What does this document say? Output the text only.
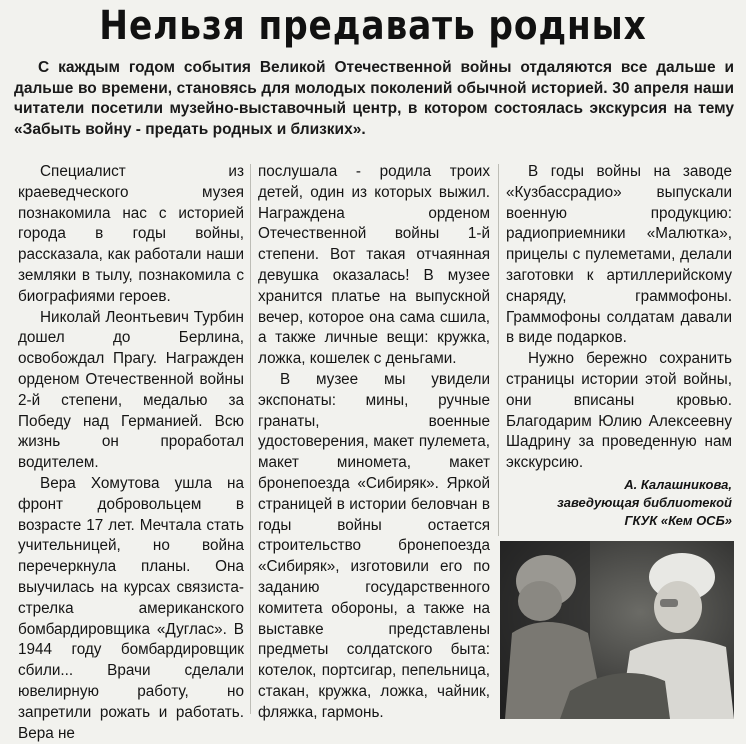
Нельзя предавать родных
С каждым годом события Великой Отечественной войны отдаляются все дальше и дальше во времени, становясь для молодых поколений обычной историей. 30 апреля наши читатели посетили музейно-выставочный центр, в котором состоялась экскурсия на тему «Забыть войну - предать родных и близких».

Специалист из краеведческого музея познакомила нас с историей города в годы войны, рассказала, как работали наши земляки в тылу, познакомила с биографиями героев.

Николай Леонтьевич Турбин дошел до Берлина, освобождал Прагу. Награжден орденом Отечественной войны 2-й степени, медалью за Победу над Германией. Всю жизнь он проработал водителем.

Вера Хомутова ушла на фронт добровольцем в возрасте 17 лет. Мечтала стать учительницей, но война перечеркнула планы. Она выучилась на курсах связиста-стрелка американского бомбардировщика «Дуглас». В 1944 году бомбардировщик сбили... Врачи сделали ювелирную работу, но запретили рожать и работать. Вера не

послушала - родила троих детей, один из которых выжил. Награждена орденом Отечественной войны 1-й степени. Вот такая отчаянная девушка оказалась! В музее хранится платье на выпускной вечер, которое она сама сшила, а также личные вещи: кружка, ложка, кошелек с деньгами.

В музее мы увидели экспонаты: мины, ручные гранаты, военные удостоверения, макет пулемета, макет миномета, макет бронепоезда «Сибиряк». Яркой страницей в истории беловчан в годы войны остается строительство бронепоезда «Сибиряк», изготовили его по заданию государственного комитета обороны, а также на выставке представлены предметы солдатского быта: котелок, портсигар, пепельница, стакан, кружка, ложка, чайник, фляжка, гармонь.

В годы войны на заводе «Кузбассрадио» выпускали военную продукцию: радиоприемники «Малютка», прицелы с пулеметами, делали заготовки к артиллерийскому снаряду, граммофоны. Граммофоны солдатам давали в виде подарков.

Нужно бережно сохранить страницы истории этой войны, они вписаны кровью. Благодарим Юлию Алексеевну Шадрину за проведенную нам экскурсию.

А. Калашникова,
заведующая библиотекой
ГКУК «Кем ОСБ»
